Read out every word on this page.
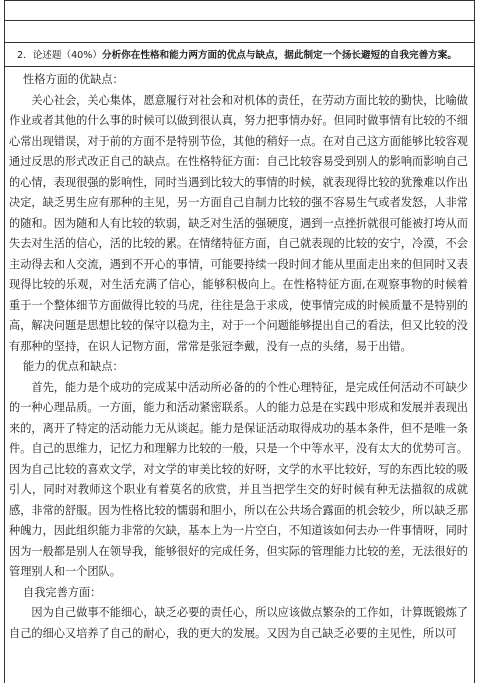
2．论述题（40%）分析你在性格和能力两方面的优点与缺点，据此制定一个扬长避短的自我完善方案。
性格方面的优缺点：

关心社会，关心集体，愿意履行对社会和对机体的责任，在劳动方面比较的勤快，比喻做作业或者其他的什么事的时候可以做到很认真，努力把事情办好。但同时做事情有比较的不细心常出现错误，对于前的方面不是特别节俭，其他的稍好一点。在对自己这方面能够比较容观通过反思的形式改正自己的缺点。在性格特征方面：自己比较容易受到别人的影响而影响自己的心情，表现很强的影响性，同时当遇到比较大的事情的时候，就表现得比较的犹豫难以作出决定，缺乏男生应有那种的主见，另一方面自己自制力比较的强不容易生气或者发怒，人非常的随和。因为随和人有比较的软弱，缺乏对生活的强硬度，遇到一点挫折就很可能被打垮从而失去对生活的信心，活的比较的累。在情绪特征方面，自己就表现的比较的安宁，冷漠，不会主动得去和人交流，遇到不开心的事情，可能要持续一段时间才能从里面走出来的但同时又表现得比较的乐观，对生活充满了信心，能够积极向上。在性格特征方面,在观察事物的时候着重于一个整体细节方面做得比较的马虎，往往是急于求成，使事情完成的时候质量不是特别的高，解决问题是思想比较的保守以稳为主，对于一个问题能够提出自己的看法，但又比较的没有那种的坚持，在识人记物方面，常常是张冠李戴，没有一点的头绪，易于出错。

能力的优点和缺点：

首先，能力是个成功的完成某中活动所必备的的个性心理特征，是完成任何活动不可缺少的一种心理品质。一方面，能力和活动紧密联系。人的能力总是在实践中形成和发展并表现出来的，离开了特定的活动能力无从谈起。能力是保证活动取得成功的基本条件，但不是唯一条件。自己的思维力，记忆力和理解力比较的一般，只是一个中等水平，没有太大的优势可言。因为自己比较的喜欢文学，对文学的审美比较的好呀，文学的水平比较好，写的东西比较的吸引人，同时对教师这个职业有着莫名的欣赏，并且当把学生交的好时候有种无法描叙的成就感，非常的舒服。因为性格比较的懦弱和胆小，所以在公共场合露面的机会较少，所以缺乏那种魄力，因此组织能力非常的欠缺，基本上为一片空白，不知道该如何去办一件事情呀，同时因为一般都是别人在领导我，能够很好的完成任务，但实际的管理能力比较的差，无法很好的管理别人和一个团队。

自我完善方面：

因为自己做事不能细心，缺乏必要的责任心，所以应该做点繁杂的工作如，计算既锻炼了自己的细心又培养了自己的耐心，我的更大的发展。又因为自己缺乏必要的主见性，所以可
